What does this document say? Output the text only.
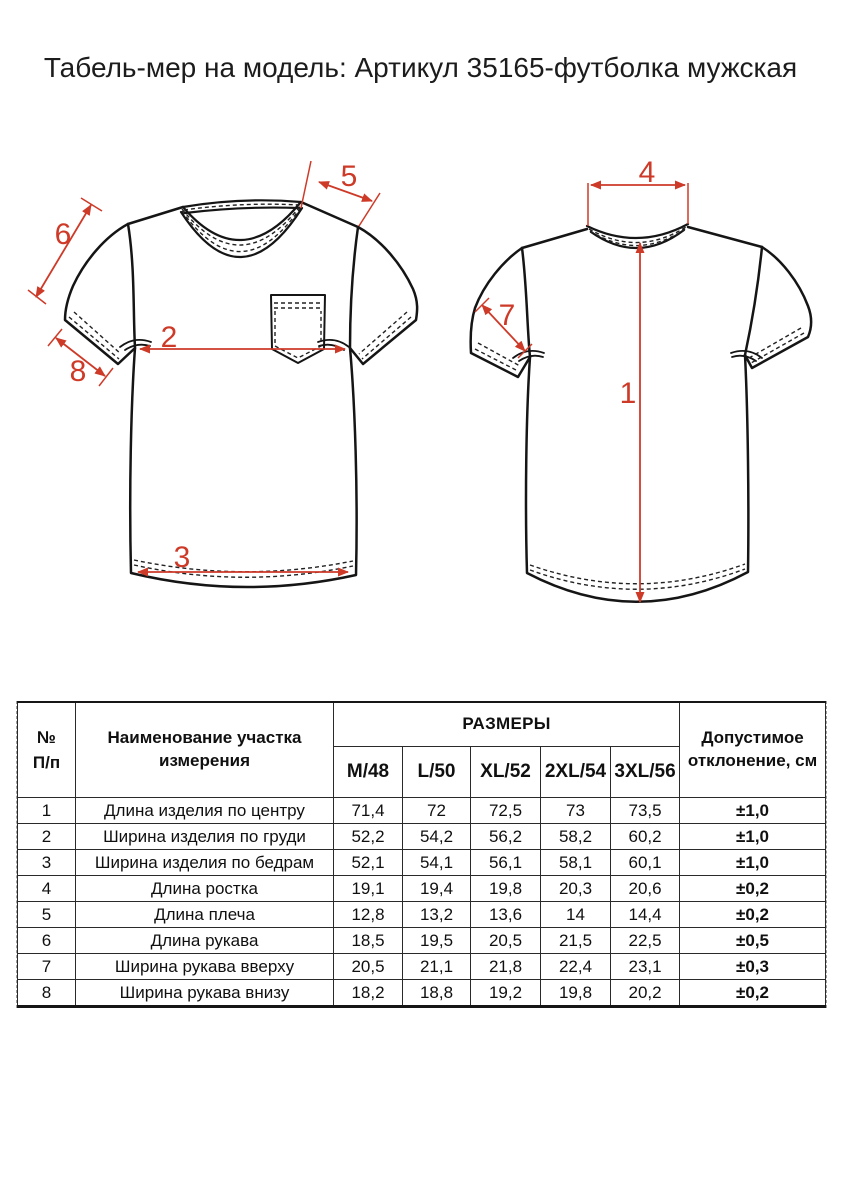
Табель-мер на модель: Артикул 35165-футболка мужская
2
3
5
6
8
4
7
1
№
П/п	Наименование участка измерения	РАЗМЕРЫ					Допустимое отклонение, см
		M/48	L/50	XL/52	2XL/54	3XL/56	
1	Длина изделия по центру	71,4	72	72,5	73	73,5	±1,0
2	Ширина изделия по груди	52,2	54,2	56,2	58,2	60,2	±1,0
3	Ширина изделия по бедрам	52,1	54,1	56,1	58,1	60,1	±1,0
4	Длина ростка	19,1	19,4	19,8	20,3	20,6	±0,2
5	Длина плеча	12,8	13,2	13,6	14	14,4	±0,2
6	Длина рукава	18,5	19,5	20,5	21,5	22,5	±0,5
7	Ширина рукава вверху	20,5	21,1	21,8	22,4	23,1	±0,3
8	Ширина рукава внизу	18,2	18,8	19,2	19,8	20,2	±0,2
